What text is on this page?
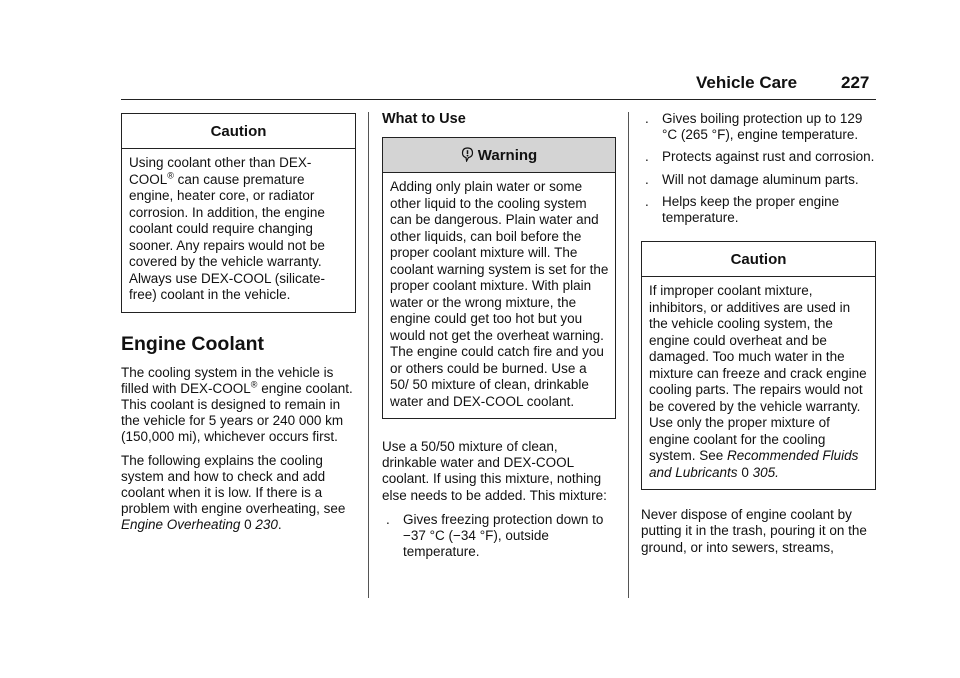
Vehicle Care	227
Caution
Using coolant other than DEX-COOL® can cause premature engine, heater core, or radiator corrosion. In addition, the engine coolant could require changing sooner. Any repairs would not be covered by the vehicle warranty. Always use DEX-COOL (silicate-free) coolant in the vehicle.
Engine Coolant

The cooling system in the vehicle is filled with DEX-COOL® engine coolant. This coolant is designed to remain in the vehicle for 5 years or 240 000 km (150,000 mi), whichever occurs first.

The following explains the cooling system and how to check and add coolant when it is low. If there is a problem with engine overheating, see Engine Overheating 0 230.

What to Use
Warning
Adding only plain water or some other liquid to the cooling system can be dangerous. Plain water and other liquids, can boil before the proper coolant mixture will. The coolant warning system is set for the proper coolant mixture. With plain water or the wrong mixture, the engine could get too hot but you would not get the overheat warning. The engine could catch fire and you or others could be burned. Use a 50/ 50 mixture of clean, drinkable water and DEX-COOL coolant.

Use a 50/50 mixture of clean, drinkable water and DEX-COOL coolant. If using this mixture, nothing else needs to be added. This mixture:

. Gives freezing protection down to −37 °C (−34 °F), outside temperature.
. Gives boiling protection up to 129 °C (265 °F), engine temperature.
. Protects against rust and corrosion.
. Will not damage aluminum parts.
. Helps keep the proper engine temperature.
Caution
If improper coolant mixture, inhibitors, or additives are used in the vehicle cooling system, the engine could overheat and be damaged. Too much water in the mixture can freeze and crack engine cooling parts. The repairs would not be covered by the vehicle warranty. Use only the proper mixture of engine coolant for the cooling system. See Recommended Fluids and Lubricants 0 305.

Never dispose of engine coolant by putting it in the trash, pouring it on the ground, or into sewers, streams,
